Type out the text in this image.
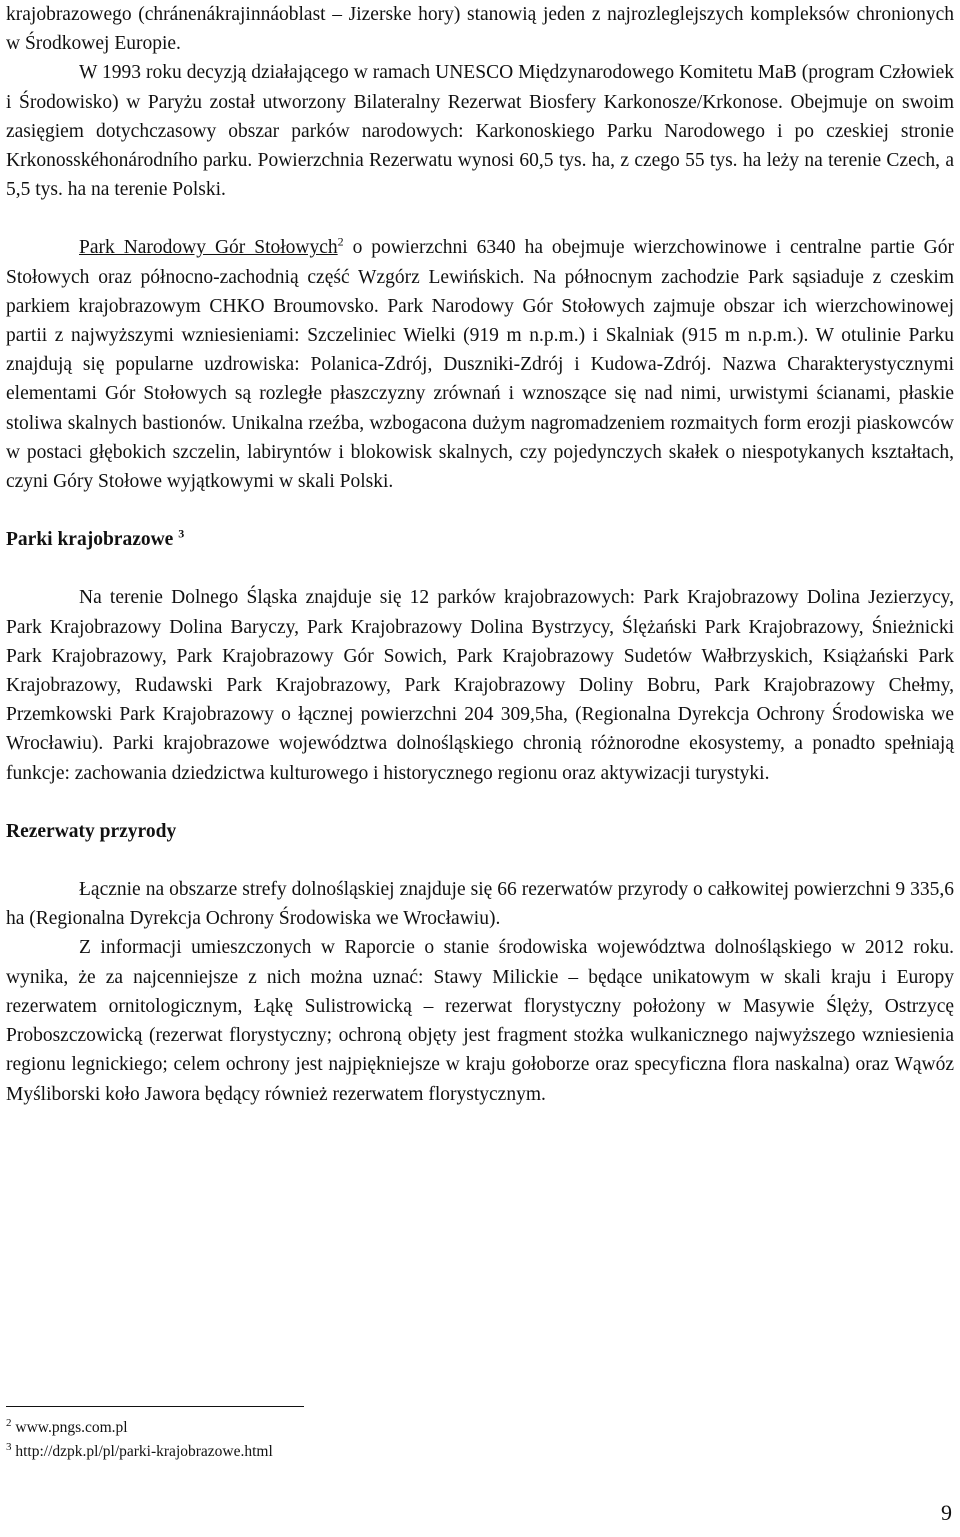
krajobrazowego (chránenákrajinnáoblast – Jizerske hory) stanowią jeden z najrozleglejszych kompleksów chronionych w Środkowej Europie.

W 1993 roku decyzją działającego w ramach UNESCO Międzynarodowego Komitetu MaB (program Człowiek i Środowisko) w Paryżu został utworzony Bilateralny Rezerwat Biosfery Karkonosze/Krkonose. Obejmuje on swoim zasięgiem dotychczasowy obszar parków narodowych: Karkonoskiego Parku Narodowego i po czeskiej stronie Krkonosskéhonárodního parku. Powierzchnia Rezerwatu wynosi 60,5 tys. ha, z czego 55 tys. ha leży na terenie Czech, a 5,5 tys. ha na terenie Polski.

Park Narodowy Gór Stołowych$^2$ o powierzchni 6340 ha obejmuje wierzchowinowe i centralne partie Gór Stołowych oraz północno-zachodnią część Wzgórz Lewińskich. Na północnym zachodzie Park sąsiaduje z czeskim parkiem krajobrazowym CHKO Broumovsko. Park Narodowy Gór Stołowych zajmuje obszar ich wierzchowinowej partii z najwyższymi wzniesieniami: Szczeliniec Wielki (919 m n.p.m.) i Skalniak (915 m n.p.m.). W otulinie Parku znajdują się popularne uzdrowiska: Polanica-Zdrój, Duszniki-Zdrój i Kudowa-Zdrój. Nazwa Charakterystycznymi elementami Gór Stołowych są rozległe płaszczyzny zrównań i wznoszące się nad nimi, urwistymi ścianami, płaskie stoliwa skalnych bastionów. Unikalna rzeźba, wzbogacona dużym nagromadzeniem rozmaitych form erozji piaskowców w postaci głębokich szczelin, labiryntów i blokowisk skalnych, czy pojedynczych skałek o niespotykanych kształtach, czyni Góry Stołowe wyjątkowymi w skali Polski.

Parki krajobrazowe $^3$

Na terenie Dolnego Śląska znajduje się 12 parków krajobrazowych: Park Krajobrazowy Dolina Jezierzycy, Park Krajobrazowy Dolina Baryczy, Park Krajobrazowy Dolina Bystrzycy, Ślężański Park Krajobrazowy, Śnieżnicki Park Krajobrazowy, Park Krajobrazowy Gór Sowich, Park Krajobrazowy Sudetów Wałbrzyskich, Książański Park Krajobrazowy, Rudawski Park Krajobrazowy, Park Krajobrazowy Doliny Bobru, Park Krajobrazowy Chełmy, Przemkowski Park Krajobrazowy o łącznej powierzchni 204 309,5ha, (Regionalna Dyrekcja Ochrony Środowiska we Wrocławiu). Parki krajobrazowe województwa dolnośląskiego chronią różnorodne ekosystemy, a ponadto spełniają funkcje: zachowania dziedzictwa kulturowego i historycznego regionu oraz aktywizacji turystyki.

Rezerwaty przyrody

Łącznie na obszarze strefy dolnośląskiej znajduje się 66 rezerwatów przyrody o całkowitej powierzchni 9 335,6 ha (Regionalna Dyrekcja Ochrony Środowiska we Wrocławiu).

Z informacji umieszczonych w Raporcie o stanie środowiska województwa dolnośląskiego w 2012 roku. wynika, że za najcenniejsze z nich można uznać: Stawy Milickie – będące unikatowym w skali kraju i Europy rezerwatem ornitologicznym, Łąkę Sulistrowicką – rezerwat florystyczny położony w Masywie Ślęży, Ostrzycę Proboszczowicką (rezerwat florystyczny; ochroną objęty jest fragment stożka wulkanicznego najwyższego wzniesienia regionu legnickiego; celem ochrony jest najpiękniejsze w kraju gołoborze oraz specyficzna flora naskalna) oraz Wąwóz Myśliborski koło Jawora będący również rezerwatem florystycznym.

$^2$ www.pngs.com.pl
$^3$ http://dzpk.pl/pl/parki-krajobrazowe.html
9
